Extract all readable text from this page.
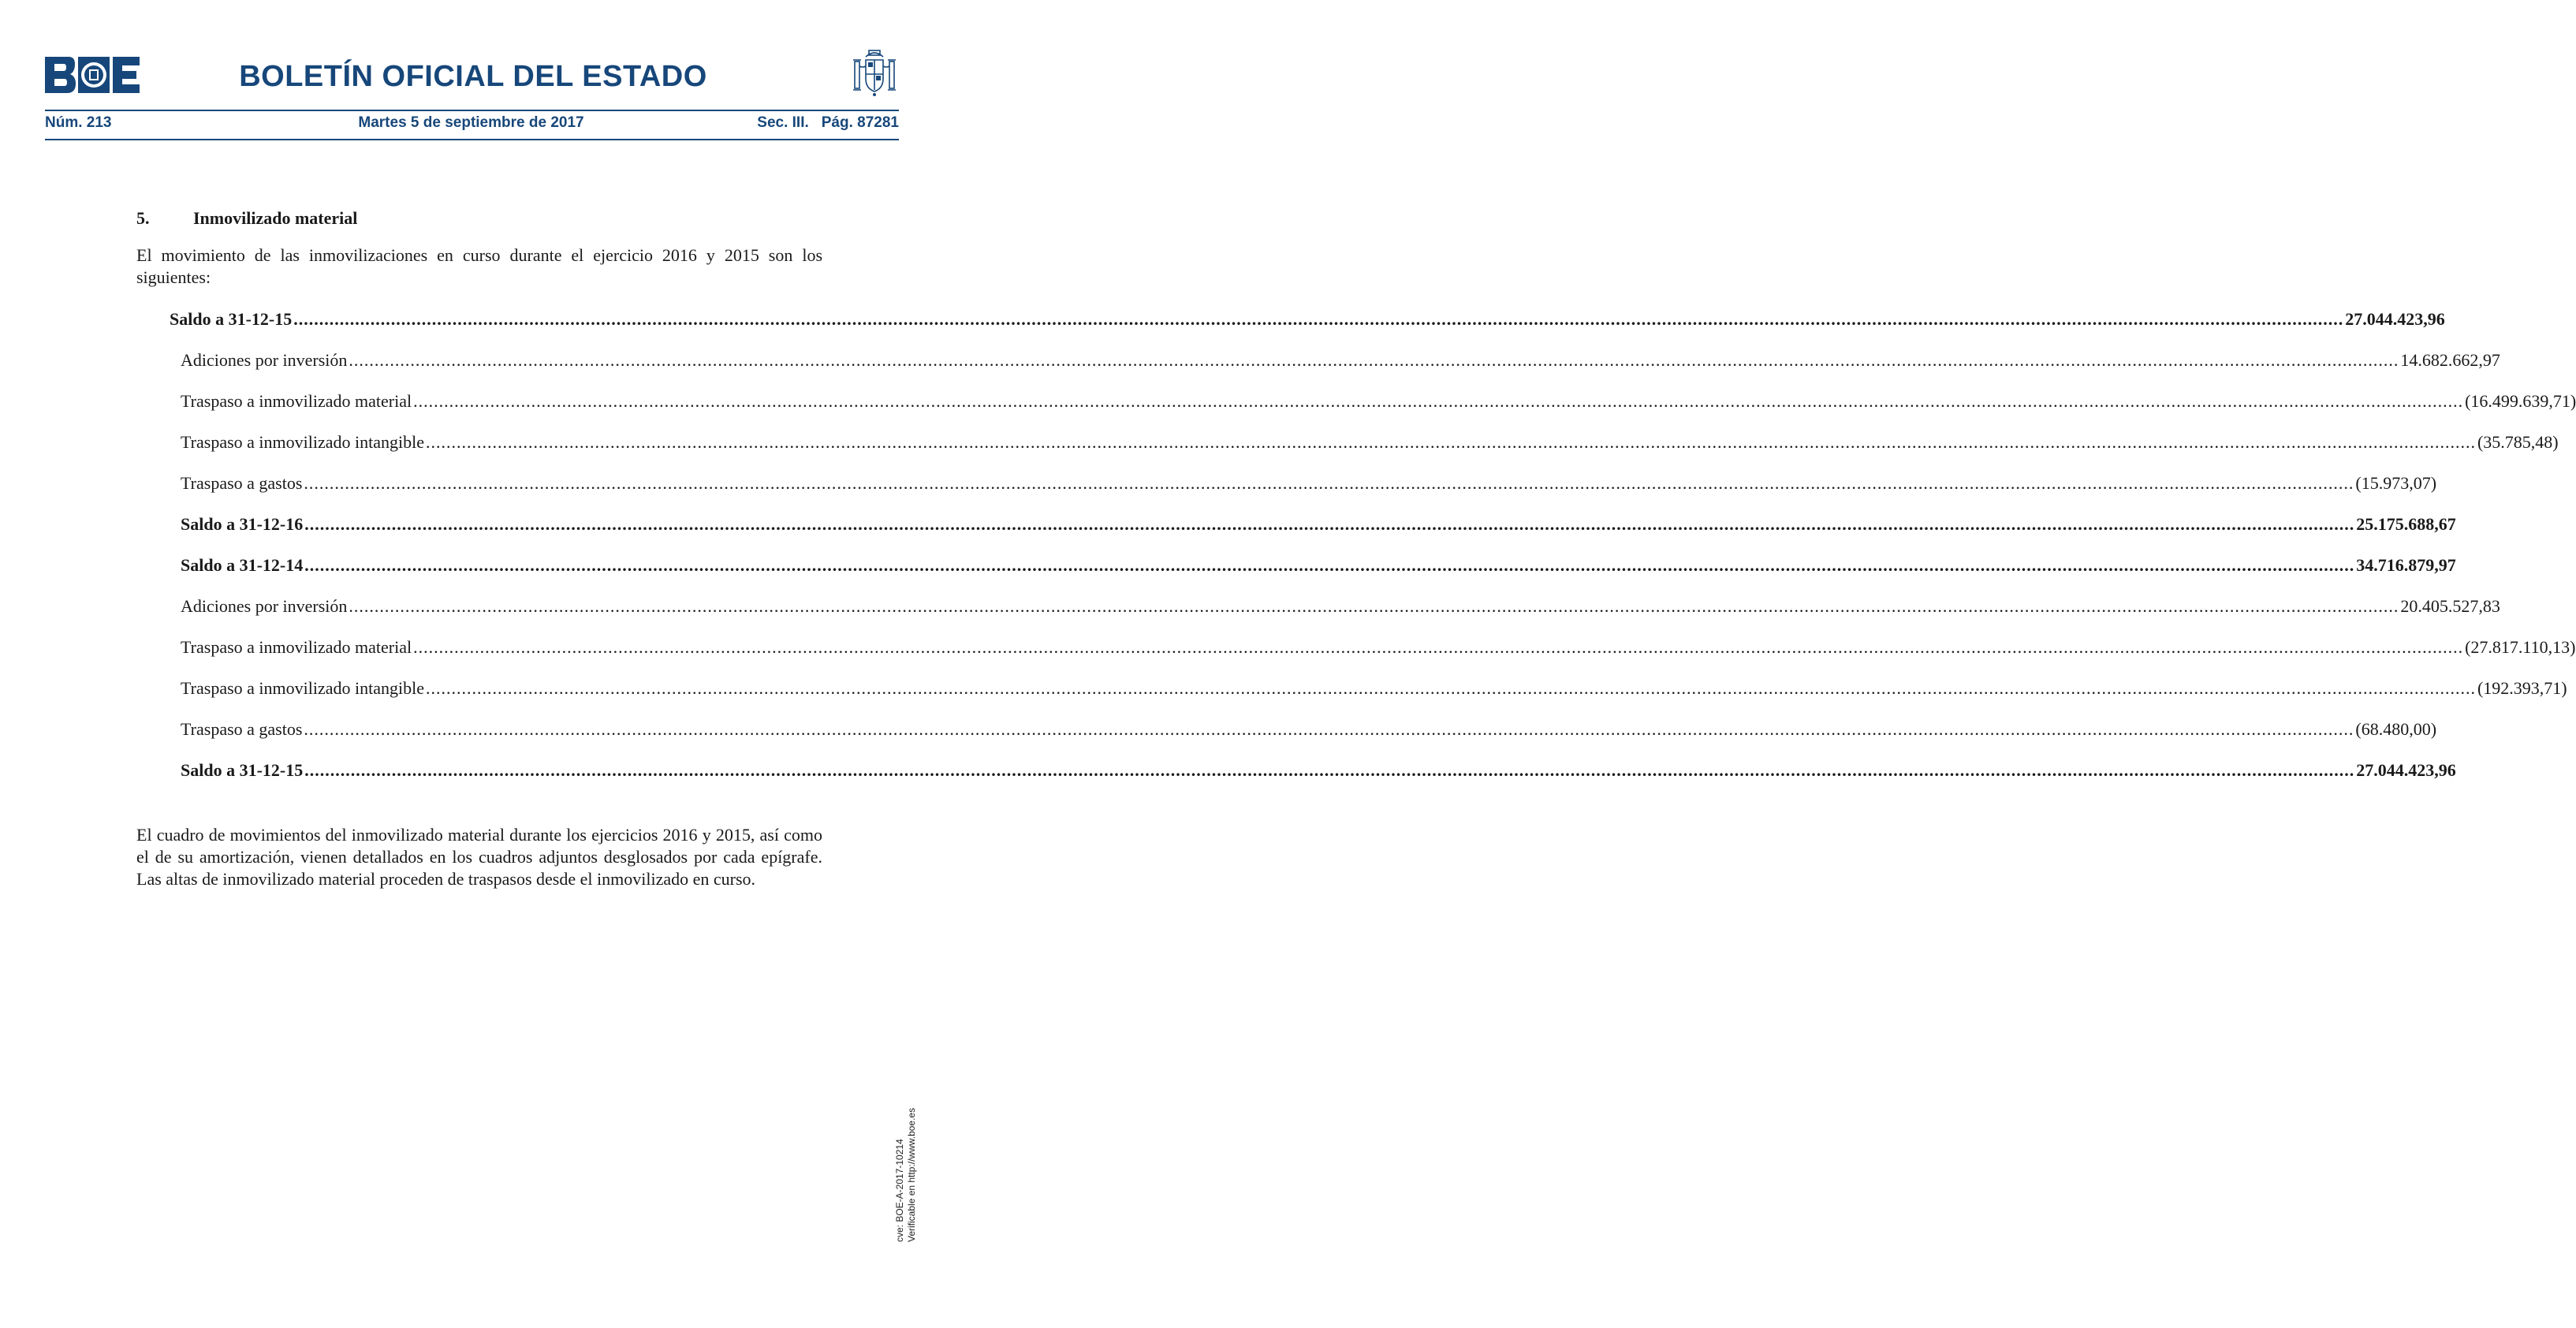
BOLETÍN OFICIAL DEL ESTADO
Núm. 213	Martes 5 de septiembre de 2017	Sec. III. Pág. 87281

5.	Inmovilizado material

El movimiento de las inmovilizaciones en curso durante el ejercicio 2016 y 2015 son los siguientes:

Saldo a 31-12-15 ................................................................................................................................................................................................................................................................................................................................................................................................................ 27.044.423,96
Adiciones por inversión ................................................................................................................................................................................................................................................................................................................................................................................................................ 14.682.662,97
Traspaso a inmovilizado material ................................................................................................................................................................................................................................................................................................................................................................................................................ (16.499.639,71)
Traspaso a inmovilizado intangible ................................................................................................................................................................................................................................................................................................................................................................................................................ (35.785,48)
Traspaso a gastos ................................................................................................................................................................................................................................................................................................................................................................................................................ (15.973,07)
Saldo a 31-12-16 ................................................................................................................................................................................................................................................................................................................................................................................................................ 25.175.688,67
Saldo a 31-12-14 ................................................................................................................................................................................................................................................................................................................................................................................................................ 34.716.879,97
Adiciones por inversión ................................................................................................................................................................................................................................................................................................................................................................................................................ 20.405.527,83
Traspaso a inmovilizado material ................................................................................................................................................................................................................................................................................................................................................................................................................ (27.817.110,13)
Traspaso a inmovilizado intangible ................................................................................................................................................................................................................................................................................................................................................................................................................ (192.393,71)
Traspaso a gastos ................................................................................................................................................................................................................................................................................................................................................................................................................ (68.480,00)
Saldo a 31-12-15 ................................................................................................................................................................................................................................................................................................................................................................................................................ 27.044.423,96

El cuadro de movimientos del inmovilizado material durante los ejercicios 2016 y 2015, así como el de su amortización, vienen detallados en los cuadros adjuntos desglosados por cada epígrafe. Las altas de inmovilizado material proceden de traspasos desde el inmovilizado en curso.

cve: BOE-A-2017-10214 Verificable en http://www.boe.es
